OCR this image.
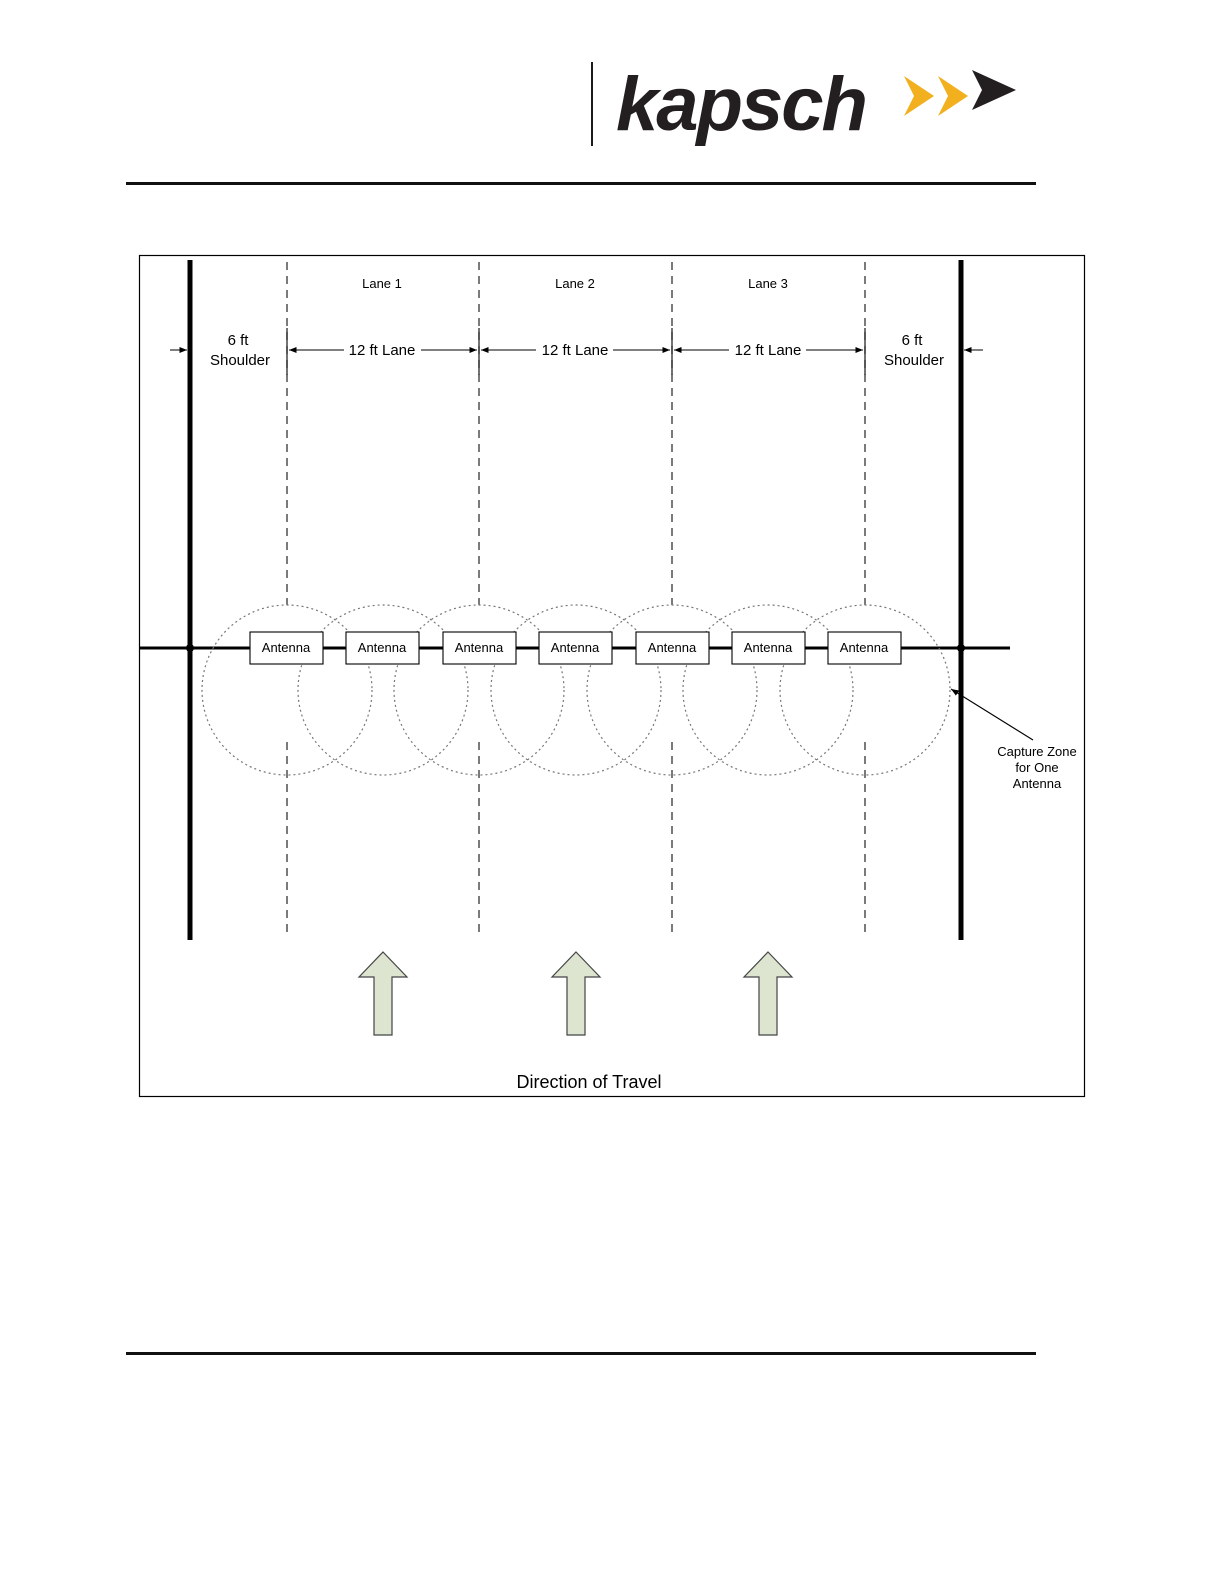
kapsch
Lane 1	Lane 2	Lane 3
12 ft Lane	12 ft Lane	12 ft Lane
6 ft
Shoulder
6 ft
Shoulder
Antenna	Antenna	Antenna	Antenna	Antenna	Antenna	Antenna
Capture Zone
for One
Antenna
Direction of Travel
